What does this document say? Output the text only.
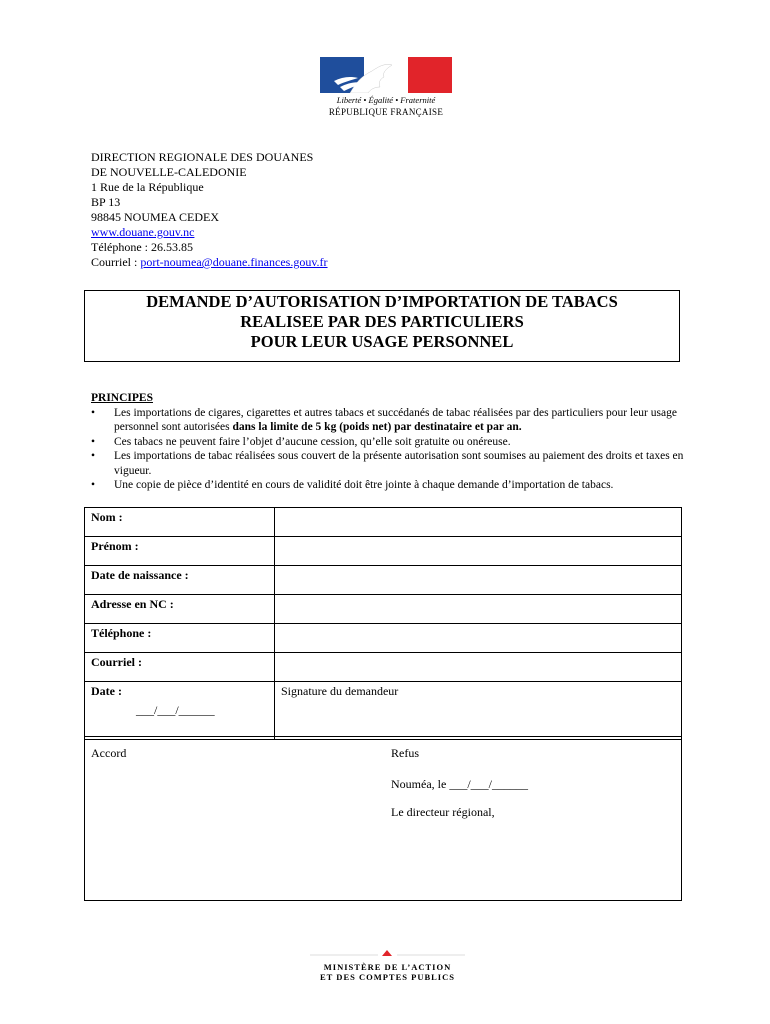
Liberté • Égalité • Fraternité
RÉPUBLIQUE FRANÇAISE
DIRECTION REGIONALE DES DOUANES
DE NOUVELLE-CALEDONIE
1 Rue de la République
BP 13
98845 NOUMEA CEDEX
www.douane.gouv.nc
Téléphone : 26.53.85
Courriel : port-noumea@douane.finances.gouv.fr
DEMANDE D’AUTORISATION D’IMPORTATION DE TABACS
REALISEE PAR DES PARTICULIERS
POUR LEUR USAGE PERSONNEL
PRINCIPES
• Les importations de cigares, cigarettes et autres tabacs et succédanés de tabac réalisées par des particuliers pour leur usage personnel sont autorisées dans la limite de 5 kg (poids net) par destinataire et par an.
• Ces tabacs ne peuvent faire l’objet d’aucune cession, qu’elle soit gratuite ou onéreuse.
• Les importations de tabac réalisées sous couvert de la présente autorisation sont soumises au paiement des droits et taxes en vigueur.
• Une copie de pièce d’identité en cours de validité doit être jointe à chaque demande d’importation de tabacs.
Nom :	
Prénom :	
Date de naissance :	
Adresse en NC :	
Téléphone :	
Courriel :	

Date :
___/___/______	Signature du demandeur
Accord	Refus
Nouméa, le ___/___/______
Le directeur régional,
MINISTÈRE DE L’ACTION
ET DES COMPTES PUBLICS
